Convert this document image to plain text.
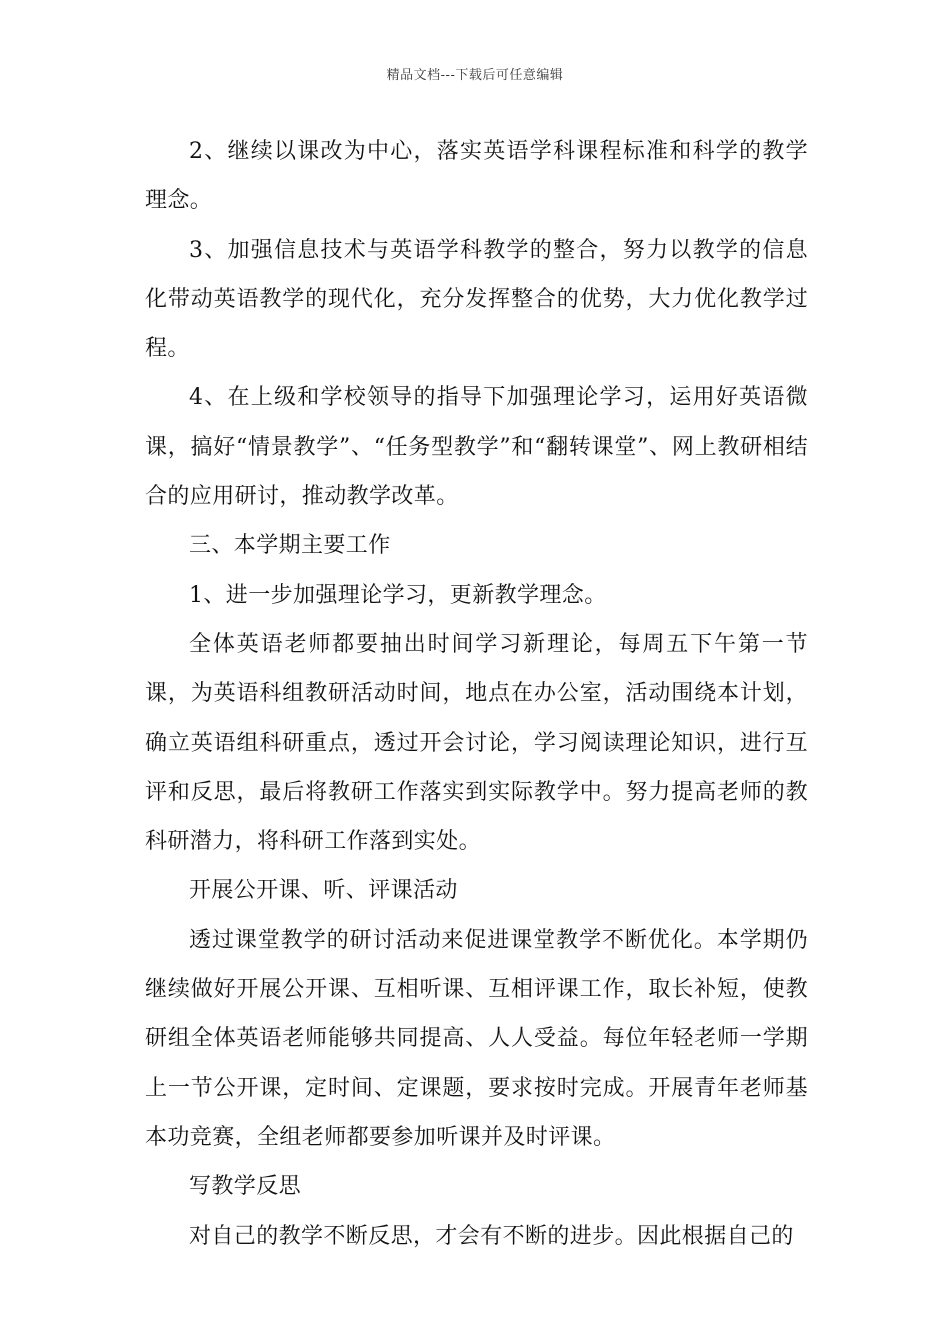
精品文档---下载后可任意编辑

2、继续以课改为中心，落实英语学科课程标准和科学的教学理念。

3、加强信息技术与英语学科教学的整合，努力以教学的信息化带动英语教学的现代化，充分发挥整合的优势，大力优化教学过程。

4、在上级和学校领导的指导下加强理论学习，运用好英语微课，搞好“情景教学”、“任务型教学”和“翻转课堂”、网上教研相结合的应用研讨，推动教学改革。

三、本学期主要工作

1、进一步加强理论学习，更新教学理念。

全体英语老师都要抽出时间学习新理论，每周五下午第一节课，为英语科组教研活动时间，地点在办公室，活动围绕本计划，确立英语组科研重点，透过开会讨论，学习阅读理论知识，进行互评和反思，最后将教研工作落实到实际教学中。努力提高老师的教科研潜力，将科研工作落到实处。

开展公开课、听、评课活动

透过课堂教学的研讨活动来促进课堂教学不断优化。本学期仍继续做好开展公开课、互相听课、互相评课工作，取长补短，使教研组全体英语老师能够共同提高、人人受益。每位年轻老师一学期上一节公开课，定时间、定课题，要求按时完成。开展青年老师基本功竞赛，全组老师都要参加听课并及时评课。

写教学反思

对自己的教学不断反思，才会有不断的进步。因此根据自己的
